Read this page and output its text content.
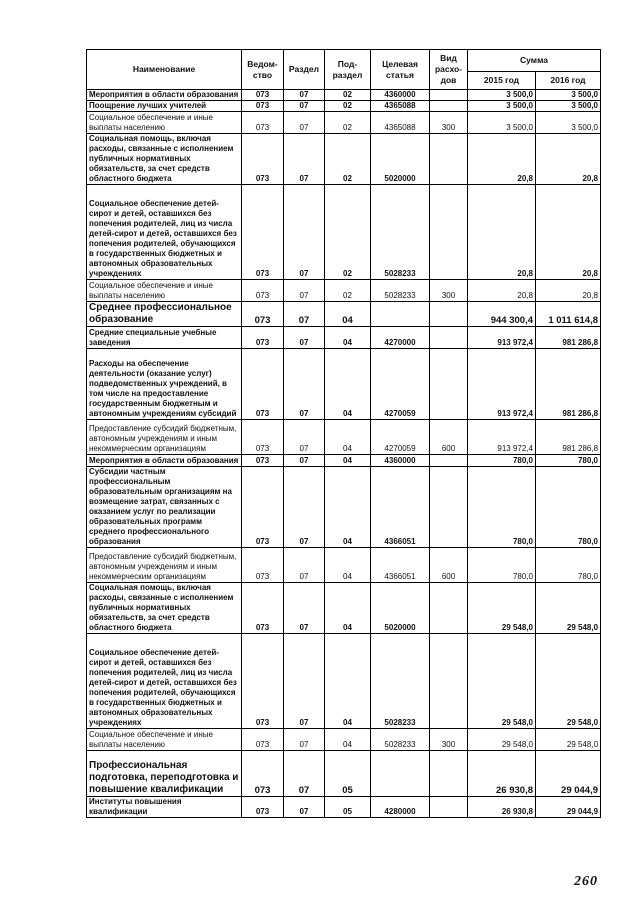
Наименование	Ведом-ство	Раздел	Под-раздел	Целевая статья	Вид расхо-дов	Сумма	
						2015 год	2016 год
Мероприятия в области образования	073	07	02	4360000		3 500,0	3 500,0
Поощрение лучших учителей	073	07	02	4365088		3 500,0	3 500,0
Социальное обеспечение и иные выплаты населению	073	07	02	4365088	300	3 500,0	3 500,0
Социальная помощь, включая расходы, связанные с исполнением публичных нормативных обязательств, за счет средств областного бюджета	073	07	02	5020000		20,8	20,8
Социальное обеспечение детей-сирот и детей, оставшихся без попечения родителей, лиц из числа детей-сирот и детей, оставшихся без попечения родителей, обучающихся в государственных бюджетных и автономных образовательных учреждениях	073	07	02	5028233		20,8	20,8
Социальное обеспечение и иные выплаты населению	073	07	02	5028233	300	20,8	20,8
Среднее профессиональное образование	073	07	04			944 300,4	1 011 614,8
Средние специальные учебные заведения	073	07	04	4270000		913 972,4	981 286,8
Расходы на обеспечение деятельности (оказание услуг) подведомственных учреждений, в том числе на предоставление государственным бюджетным и автономным учреждениям субсидий	073	07	04	4270059		913 972,4	981 286,8
Предоставление субсидий бюджетным, автономным учреждениям и иным некоммерческим организациям	073	07	04	4270059	600	913 972,4	981 286,8
Мероприятия в области образования	073	07	04	4360000		780,0	780,0
Субсидии частным профессиональным образовательным организациям на возмещение затрат, связанных с оказанием услуг по реализации образовательных программ среднего профессионального образования	073	07	04	4366051		780,0	780,0
Предоставление субсидий бюджетным, автономным учреждениям и иным некоммерческим организациям	073	07	04	4366051	600	780,0	780,0
Социальная помощь, включая расходы, связанные с исполнением публичных нормативных обязательств, за счет средств областного бюджета	073	07	04	5020000		29 548,0	29 548,0
Социальное обеспечение детей-сирот и детей, оставшихся без попечения родителей, лиц из числа детей-сирот и детей, оставшихся без попечения родителей, обучающихся в государственных бюджетных и автономных образовательных учреждениях	073	07	04	5028233		29 548,0	29 548,0
Социальное обеспечение и иные выплаты населению	073	07	04	5028233	300	29 548,0	29 548,0
Профессиональная подготовка, переподготовка и повышение квалификации	073	07	05			26 930,8	29 044,9
Институты повышения квалификации	073	07	05	4280000		26 930,8	29 044,9
260
